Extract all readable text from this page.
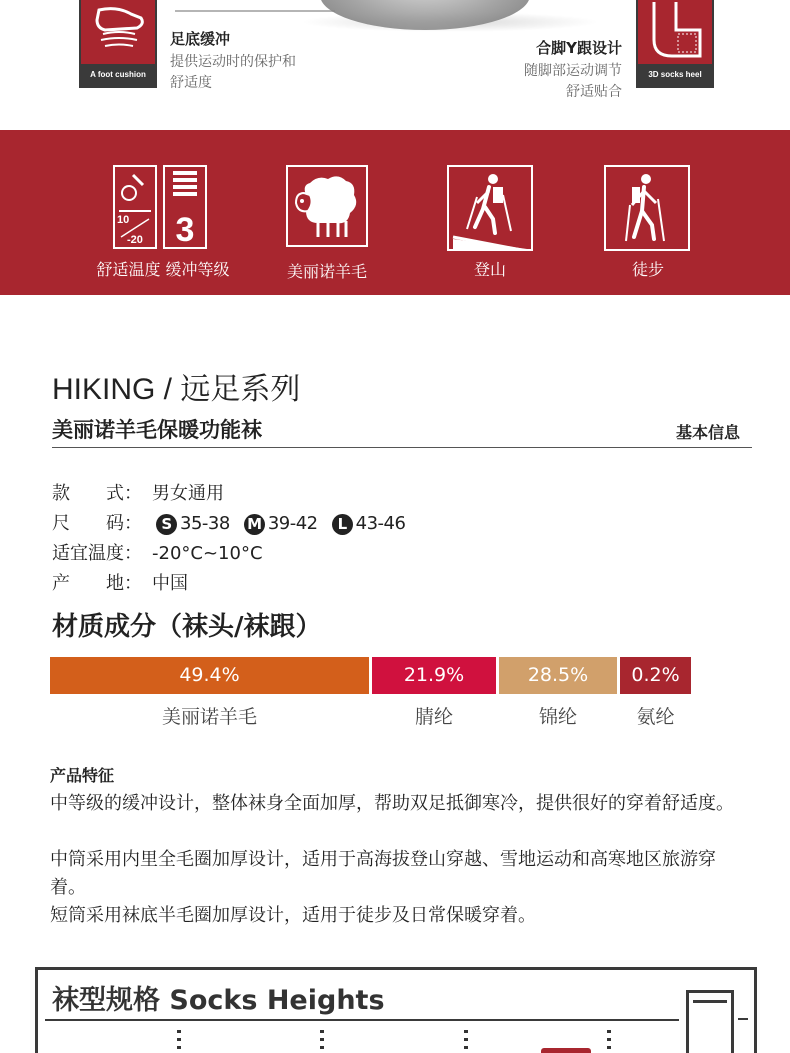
A foot cushion
足底缓冲
提供运动时的保护和
舒适度
合脚Y跟设计
随脚部运动调节
舒适贴合
3D socks heel
10
-20 3
舒适温度 缓冲等级	美丽诺羊毛	登山	徒步
HIKING / 远足系列
美丽诺羊毛保暖功能袜	基本信息
款　　式： 男女通用
尺　　码： S 35-38 M 39-42 L 43-46
适宜温度： -20°C~10°C
产　　地： 中国
材质成分（袜头/袜跟）
49.4%	21.9%	28.5%	0.2%
美丽诺羊毛	腈纶	锦纶	氨纶
产品特征
中等级的缓冲设计，整体袜身全面加厚，帮助双足抵御寒冷，提供很好的穿着舒适度。
中筒采用内里全毛圈加厚设计，适用于高海拔登山穿越、雪地运动和高寒地区旅游穿着。
短筒采用袜底半毛圈加厚设计，适用于徒步及日常保暖穿着。
袜型规格 Socks Heights
